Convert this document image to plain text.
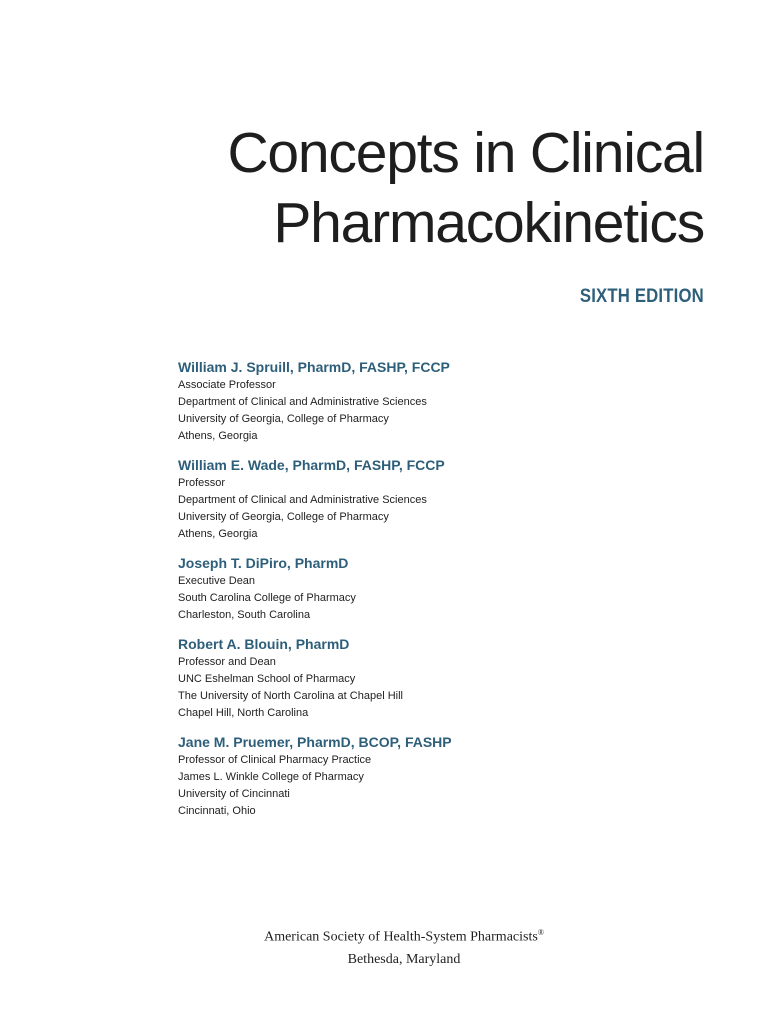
Concepts in Clinical
Pharmacokinetics
SIXTH EDITION
William J. Spruill, PharmD, FASHP, FCCP
Associate Professor
Department of Clinical and Administrative Sciences
University of Georgia, College of Pharmacy
Athens, Georgia
William E. Wade, PharmD, FASHP, FCCP
Professor
Department of Clinical and Administrative Sciences
University of Georgia, College of Pharmacy
Athens, Georgia
Joseph T. DiPiro, PharmD
Executive Dean
South Carolina College of Pharmacy
Charleston, South Carolina
Robert A. Blouin, PharmD
Professor and Dean
UNC Eshelman School of Pharmacy
The University of North Carolina at Chapel Hill
Chapel Hill, North Carolina
Jane M. Pruemer, PharmD, BCOP, FASHP
Professor of Clinical Pharmacy Practice
James L. Winkle College of Pharmacy
University of Cincinnati
Cincinnati, Ohio
American Society of Health-System Pharmacists®
Bethesda, Maryland
